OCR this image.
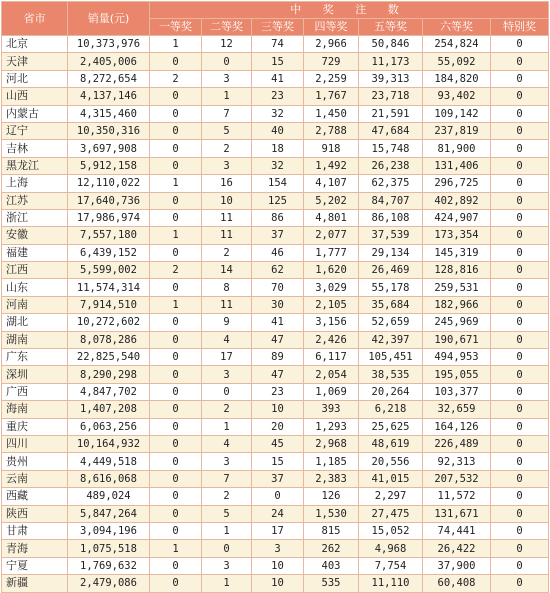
省市	销量(元)	中 奖 注 数						
		一等奖	二等奖	三等奖	四等奖	五等奖	六等奖	特别奖
北京	10,373,976	1	12	74	2,966	50,846	254,824	0
天津	2,405,006	0	0	15	729	11,173	55,092	0
河北	8,272,654	2	3	41	2,259	39,313	184,820	0
山西	4,137,146	0	1	23	1,767	23,718	93,402	0
内蒙古	4,315,460	0	7	32	1,450	21,591	109,142	0
辽宁	10,350,316	0	5	40	2,788	47,684	237,819	0
吉林	3,697,908	0	2	18	918	15,748	81,900	0
黑龙江	5,912,158	0	3	32	1,492	26,238	131,406	0
上海	12,110,022	1	16	154	4,107	62,375	296,725	0
江苏	17,640,736	0	10	125	5,202	84,707	402,892	0
浙江	17,986,974	0	11	86	4,801	86,108	424,907	0
安徽	7,557,180	1	11	37	2,077	37,539	173,354	0
福建	6,439,152	0	2	46	1,777	29,134	145,319	0
江西	5,599,002	2	14	62	1,620	26,469	128,816	0
山东	11,574,314	0	8	70	3,029	55,178	259,531	0
河南	7,914,510	1	11	30	2,105	35,684	182,966	0
湖北	10,272,602	0	9	41	3,156	52,659	245,969	0
湖南	8,078,286	0	4	47	2,426	42,397	190,671	0
广东	22,825,540	0	17	89	6,117	105,451	494,953	0
深圳	8,290,298	0	3	47	2,054	38,535	195,055	0
广西	4,847,702	0	0	23	1,069	20,264	103,377	0
海南	1,407,208	0	2	10	393	6,218	32,659	0
重庆	6,063,256	0	1	20	1,293	25,625	164,126	0
四川	10,164,932	0	4	45	2,968	48,619	226,489	0
贵州	4,449,518	0	3	15	1,185	20,556	92,313	0
云南	8,616,068	0	7	37	2,383	41,015	207,532	0
西藏	489,024	0	2	0	126	2,297	11,572	0
陕西	5,847,264	0	5	24	1,530	27,475	131,671	0
甘肃	3,094,196	0	1	17	815	15,052	74,441	0
青海	1,075,518	1	0	3	262	4,968	26,422	0
宁夏	1,769,632	0	3	10	403	7,754	37,900	0
新疆	2,479,086	0	1	10	535	11,110	60,408	0
